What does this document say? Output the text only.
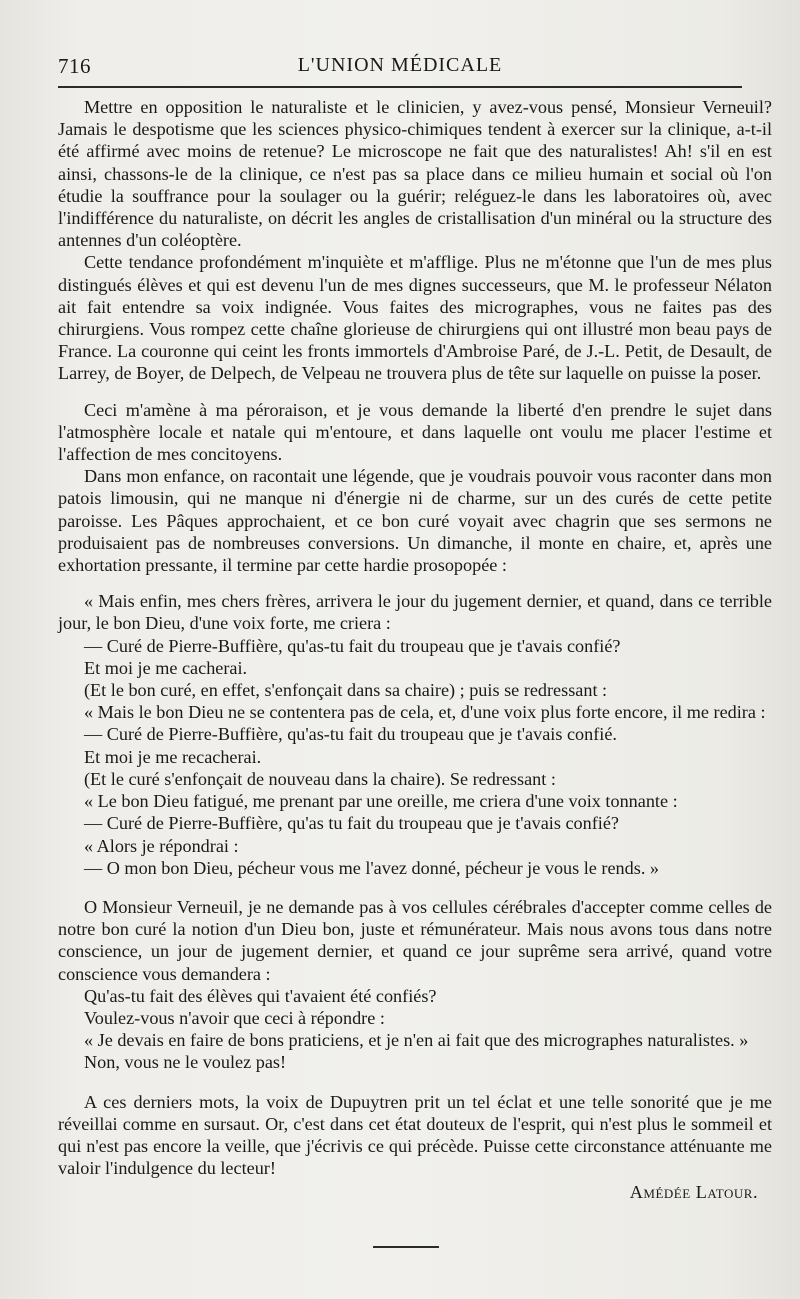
716	L'UNION MÉDICALE

Mettre en opposition le naturaliste et le clinicien, y avez-vous pensé, Monsieur Verneuil? Jamais le despotisme que les sciences physico-chimiques tendent à exercer sur la clinique, a-t-il été affirmé avec moins de retenue? Le microscope ne fait que des naturalistes! Ah! s'il en est ainsi, chassons-le de la clinique, ce n'est pas sa place dans ce milieu humain et social où l'on étudie la souffrance pour la soulager ou la guérir; reléguez-le dans les laboratoires où, avec l'indifférence du naturaliste, on décrit les angles de cristallisation d'un minéral ou la structure des antennes d'un coléoptère.

Cette tendance profondément m'inquiète et m'afflige. Plus ne m'étonne que l'un de mes plus distingués élèves et qui est devenu l'un de mes dignes successeurs, que M. le professeur Nélaton ait fait entendre sa voix indignée. Vous faites des micrographes, vous ne faites pas des chirurgiens. Vous rompez cette chaîne glorieuse de chirurgiens qui ont illustré mon beau pays de France. La couronne qui ceint les fronts immortels d'Ambroise Paré, de J.-L. Petit, de Desault, de Larrey, de Boyer, de Delpech, de Velpeau ne trouvera plus de tête sur laquelle on puisse la poser.

Ceci m'amène à ma péroraison, et je vous demande la liberté d'en prendre le sujet dans l'atmosphère locale et natale qui m'entoure, et dans laquelle ont voulu me placer l'estime et l'affection de mes concitoyens.

Dans mon enfance, on racontait une légende, que je voudrais pouvoir vous raconter dans mon patois limousin, qui ne manque ni d'énergie ni de charme, sur un des curés de cette petite paroisse. Les Pâques approchaient, et ce bon curé voyait avec chagrin que ses sermons ne produisaient pas de nombreuses conversions. Un dimanche, il monte en chaire, et, après une exhortation pressante, il termine par cette hardie prosopopée :

« Mais enfin, mes chers frères, arrivera le jour du jugement dernier, et quand, dans ce terrible jour, le bon Dieu, d'une voix forte, me criera :

— Curé de Pierre-Buffière, qu'as-tu fait du troupeau que je t'avais confié?

Et moi je me cacherai.

(Et le bon curé, en effet, s'enfonçait dans sa chaire) ; puis se redressant :

« Mais le bon Dieu ne se contentera pas de cela, et, d'une voix plus forte encore, il me redira :

— Curé de Pierre-Buffière, qu'as-tu fait du troupeau que je t'avais confié.

Et moi je me recacherai.

(Et le curé s'enfonçait de nouveau dans la chaire). Se redressant :

« Le bon Dieu fatigué, me prenant par une oreille, me criera d'une voix tonnante :

— Curé de Pierre-Buffière, qu'as tu fait du troupeau que je t'avais confié?

« Alors je répondrai :

— O mon bon Dieu, pécheur vous me l'avez donné, pécheur je vous le rends. »

O Monsieur Verneuil, je ne demande pas à vos cellules cérébrales d'accepter comme celles de notre bon curé la notion d'un Dieu bon, juste et rémunérateur. Mais nous avons tous dans notre conscience, un jour de jugement dernier, et quand ce jour suprême sera arrivé, quand votre conscience vous demandera :

Qu'as-tu fait des élèves qui t'avaient été confiés?

Voulez-vous n'avoir que ceci à répondre :

« Je devais en faire de bons praticiens, et je n'en ai fait que des micrographes naturalistes. »

Non, vous ne le voulez pas!

A ces derniers mots, la voix de Dupuytren prit un tel éclat et une telle sonorité que je me réveillai comme en sursaut. Or, c'est dans cet état douteux de l'esprit, qui n'est plus le sommeil et qui n'est pas encore la veille, que j'écrivis ce qui précède. Puisse cette circonstance atténuante me valoir l'indulgence du lecteur!

Amédée Latour.
